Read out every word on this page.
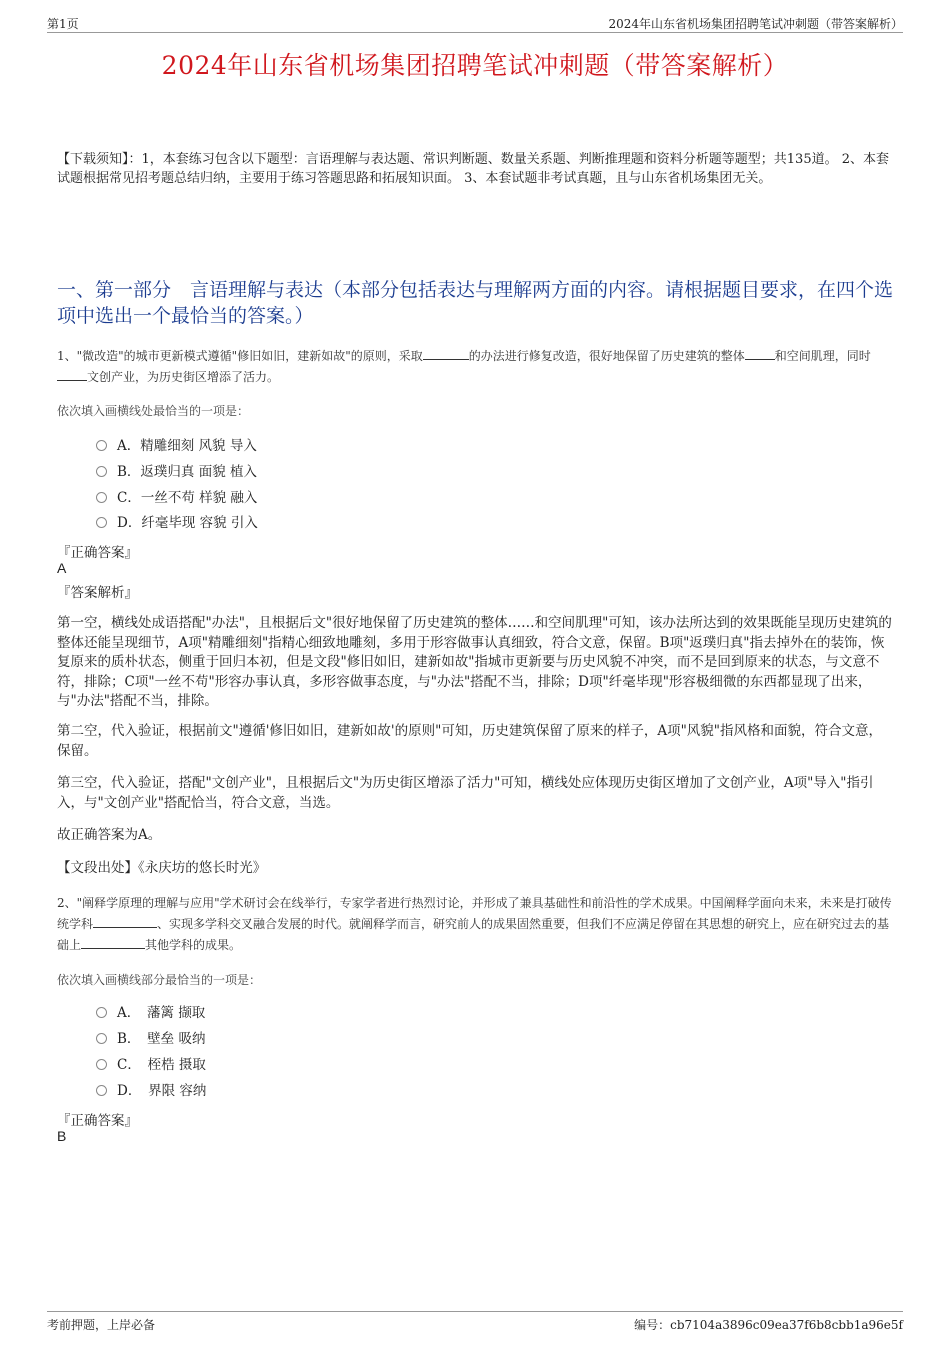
第1页	2024年山东省机场集团招聘笔试冲刺题（带答案解析）
2024年山东省机场集团招聘笔试冲刺题（带答案解析）
【下载须知】：1，本套练习包含以下题型：言语理解与表达题、常识判断题、数量关系题、判断推理题和资料分析题等题型；共135道。 2、本套试题根据常见招考题总结归纳，主要用于练习答题思路和拓展知识面。 3、本套试题非考试真题，且与山东省机场集团无关。
一、第一部分　言语理解与表达（本部分包括表达与理解两方面的内容。请根据题目要求，在四个选项中选出一个最恰当的答案。）
1、"微改造"的城市更新模式遵循"修旧如旧，建新如故"的原则，采取	的办法进行修复改造，很好地保留了历史建筑的整体	和空间肌理，同时文创产业，为历史街区增添了活力。
依次填入画横线处最恰当的一项是：
A．精雕细刻 风貌 导入
B．返璞归真 面貌 植入
C．一丝不苟 样貌 融入
D．纤毫毕现 容貌 引入
『正确答案』
A
『答案解析』
第一空，横线处成语搭配"办法"，且根据后文"很好地保留了历史建筑的整体……和空间肌理"可知，该办法所达到的效果既能呈现历史建筑的整体还能呈现细节，A项"精雕细刻"指精心细致地雕刻，多用于形容做事认真细致，符合文意，保留。B项"返璞归真"指去掉外在的装饰，恢复原来的质朴状态，侧重于回归本初，但是文段"修旧如旧，建新如故"指城市更新要与历史风貌不冲突，而不是回到原来的状态，与文意不符，排除；C项"一丝不苟"形容办事认真，多形容做事态度，与"办法"搭配不当，排除；D项"纤毫毕现"形容极细微的东西都显现了出来，与"办法"搭配不当，排除。
第二空，代入验证，根据前文"遵循'修旧如旧，建新如故'的原则"可知，历史建筑保留了原来的样子，A项"风貌"指风格和面貌，符合文意，保留。
第三空，代入验证，搭配"文创产业"，且根据后文"为历史街区增添了活力"可知，横线处应体现历史街区增加了文创产业，A项"导入"指引入，与"文创产业"搭配恰当，符合文意，当选。
故正确答案为A。
【文段出处】《永庆坊的悠长时光》
2、"阐释学原理的理解与应用"学术研讨会在线举行，专家学者进行热烈讨论，并形成了兼具基础性和前沿性的学术成果。中国阐释学面向未来，未来是打破传统学科	、实现多学科交叉融合发展的时代。就阐释学而言，研究前人的成果固然重要，但我们不应满足停留在其思想的研究上，应在研究过去的基础上	其他学科的成果。
依次填入画横线部分最恰当的一项是：
A．　藩篱 撷取
B．　壁垒 吸纳
C．　桎梏 摄取
D．　界限 容纳
『正确答案』
B
考前押题，上岸必备	编号：cb7104a3896c09ea37f6b8cbb1a96e5f
